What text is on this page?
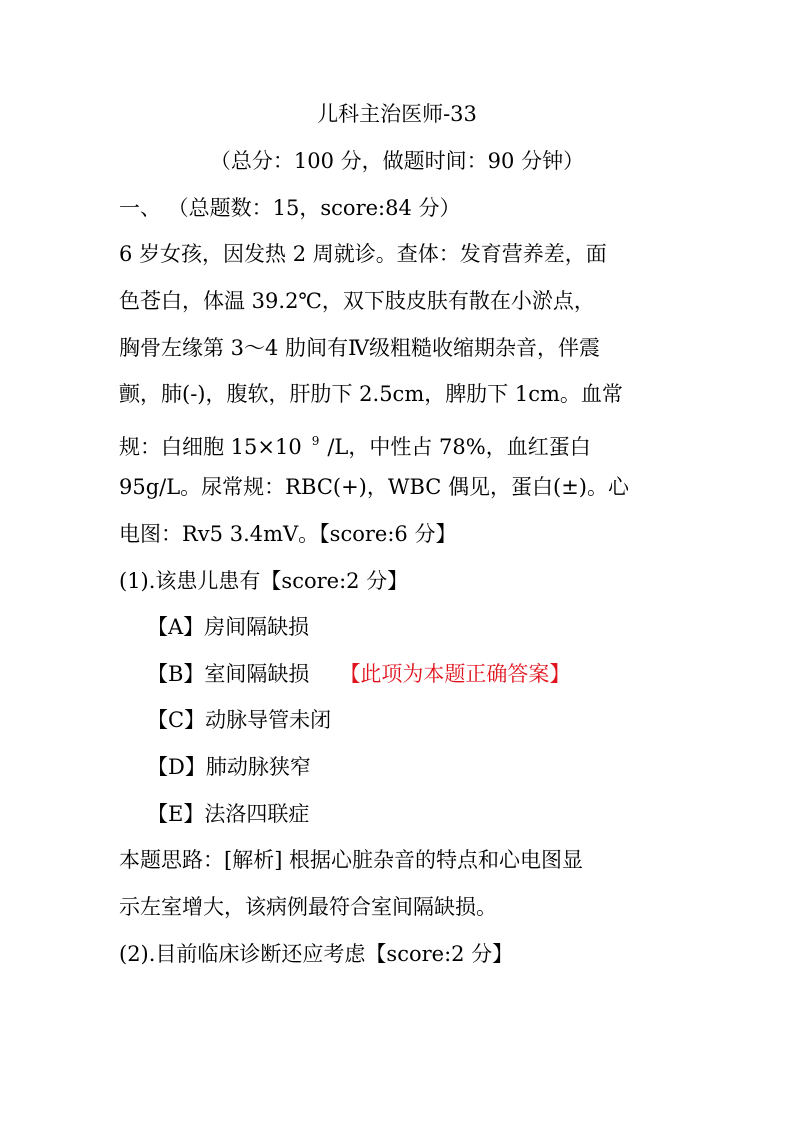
儿科主治医师-33
（总分：100 分，做题时间：90 分钟）
一、 （总题数：15，score:84 分）
6 岁女孩，因发热 2 周就诊。查体：发育营养差，面
色苍白，体温 39.2℃，双下肢皮肤有散在小淤点，
胸骨左缘第 3～4 肋间有Ⅳ级粗糙收缩期杂音，伴震
颤，肺(-)，腹软，肝肋下 2.5cm，脾肋下 1cm。血常
规：白细胞 15×10 $^9$ /L，中性占 78%，血红蛋白
95g/L。尿常规：RBC(+)，WBC 偶见，蛋白(±)。心
电图：Rv5 3.4mV。【score:6 分】
(1).该患儿患有【score:2 分】
【A】房间隔缺损
【B】室间隔缺损 【此项为本题正确答案】
【C】动脉导管未闭
【D】肺动脉狭窄
【E】法洛四联症
本题思路：[解析] 根据心脏杂音的特点和心电图显
示左室增大，该病例最符合室间隔缺损。
(2).目前临床诊断还应考虑【score:2 分】
